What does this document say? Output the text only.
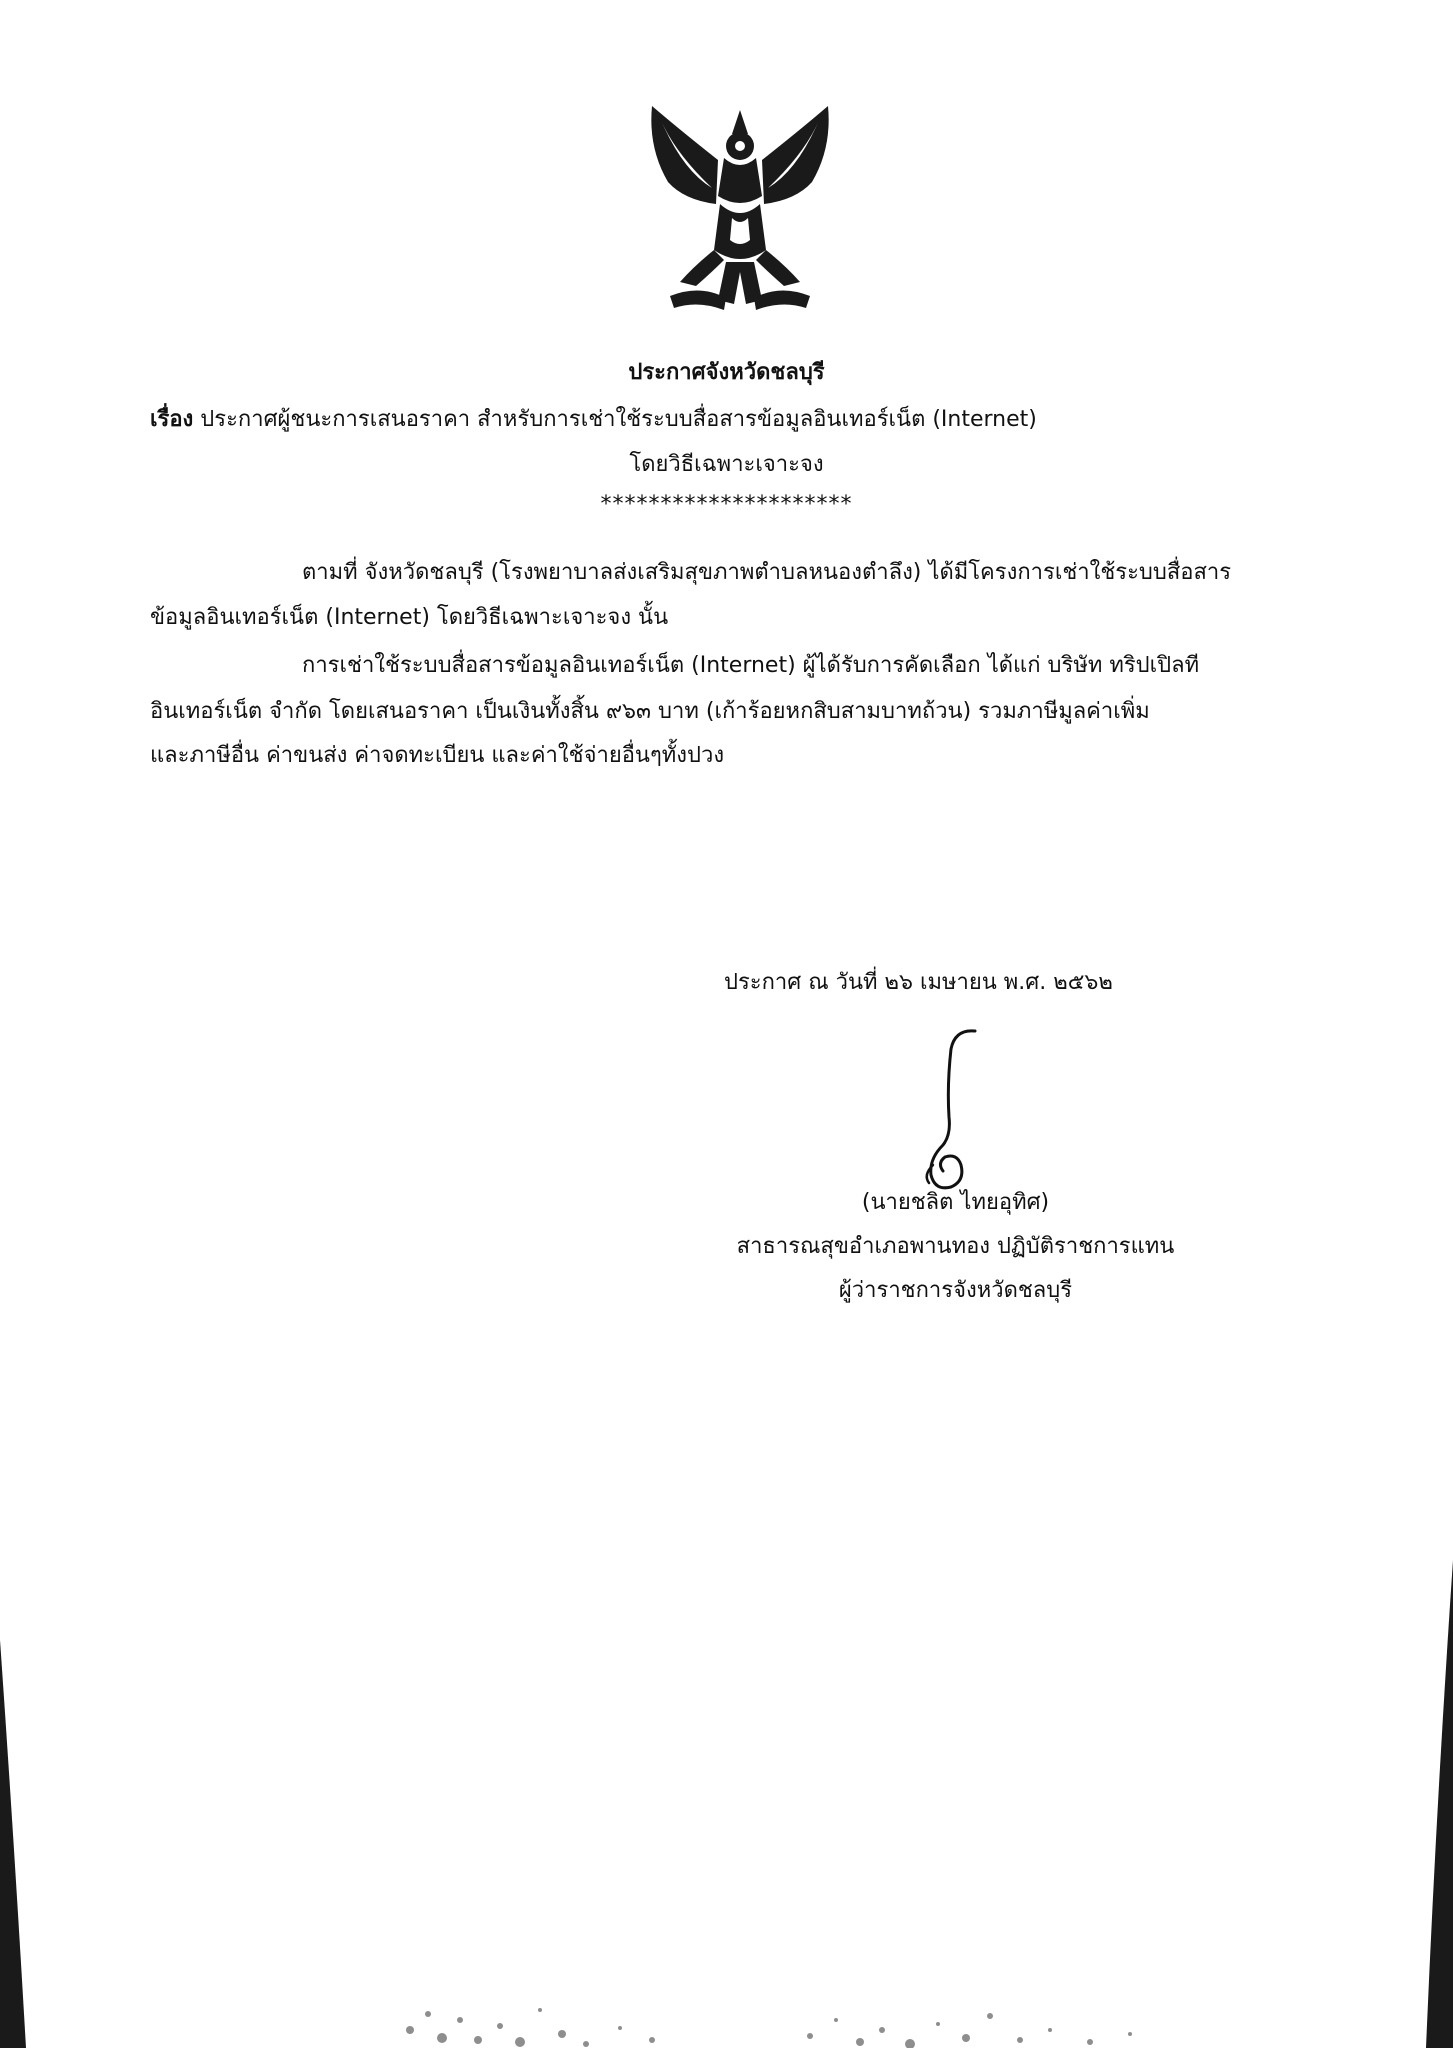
ประกาศจังหวัดชลบุรี
เรื่อง ประกาศผู้ชนะการเสนอราคา สำหรับการเช่าใช้ระบบสื่อสารข้อมูลอินเทอร์เน็ต (Internet)
โดยวิธีเฉพาะเจาะจง
*********************
ตามที่ จังหวัดชลบุรี (โรงพยาบาลส่งเสริมสุขภาพตำบลหนองตำลึง) ได้มีโครงการเช่าใช้ระบบสื่อสาร
ข้อมูลอินเทอร์เน็ต (Internet) โดยวิธีเฉพาะเจาะจง นั้น
การเช่าใช้ระบบสื่อสารข้อมูลอินเทอร์เน็ต (Internet) ผู้ได้รับการคัดเลือก ได้แก่ บริษัท ทริปเปิลที
อินเทอร์เน็ต จำกัด โดยเสนอราคา เป็นเงินทั้งสิ้น ๙๖๓ บาท (เก้าร้อยหกสิบสามบาทถ้วน) รวมภาษีมูลค่าเพิ่ม
และภาษีอื่น ค่าขนส่ง ค่าจดทะเบียน และค่าใช้จ่ายอื่นๆทั้งปวง
ประกาศ ณ วันที่ ๒๖ เมษายน พ.ศ. ๒๕๖๒
(นายชลิต ไทยอุทิศ)
สาธารณสุขอำเภอพานทอง ปฏิบัติราชการแทน
ผู้ว่าราชการจังหวัดชลบุรี
